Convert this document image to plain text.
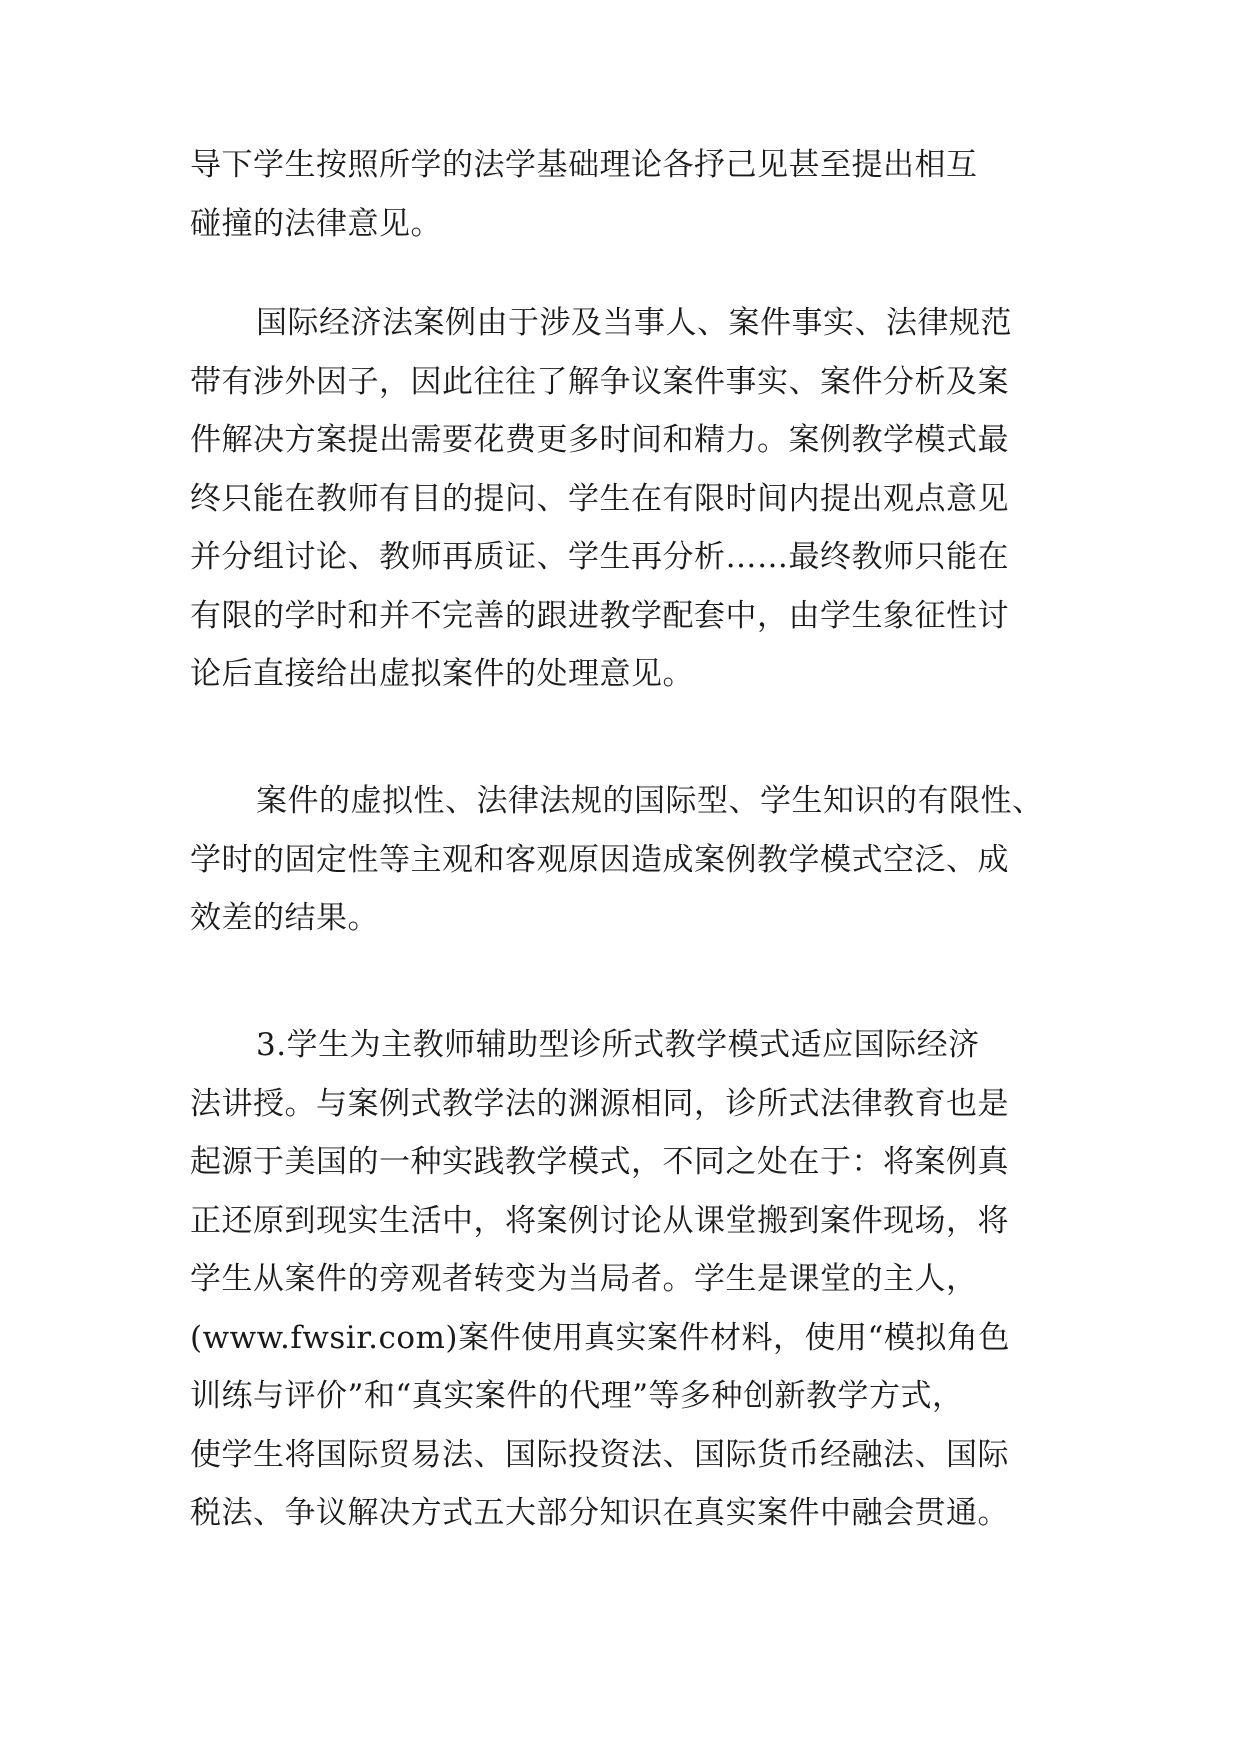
导下学生按照所学的法学基础理论各抒己见甚至提出相互
碰撞的法律意见。
国际经济法案例由于涉及当事人、案件事实、法律规范
带有涉外因子，因此往往了解争议案件事实、案件分析及案
件解决方案提出需要花费更多时间和精力。案例教学模式最
终只能在教师有目的提问、学生在有限时间内提出观点意见
并分组讨论、教师再质证、学生再分析……最终教师只能在
有限的学时和并不完善的跟进教学配套中，由学生象征性讨
论后直接给出虚拟案件的处理意见。
案件的虚拟性、法律法规的国际型、学生知识的有限性、
学时的固定性等主观和客观原因造成案例教学模式空泛、成
效差的结果。
3.学生为主教师辅助型诊所式教学模式适应国际经济
法讲授。与案例式教学法的渊源相同，诊所式法律教育也是
起源于美国的一种实践教学模式，不同之处在于：将案例真
正还原到现实生活中，将案例讨论从课堂搬到案件现场，将
学生从案件的旁观者转变为当局者。学生是课堂的主人，
(www.fwsir.com)案件使用真实案件材料，使用“模拟角色
训练与评价”和“真实案件的代理”等多种创新教学方式，
使学生将国际贸易法、国际投资法、国际货币经融法、国际
税法、争议解决方式五大部分知识在真实案件中融会贯通。
